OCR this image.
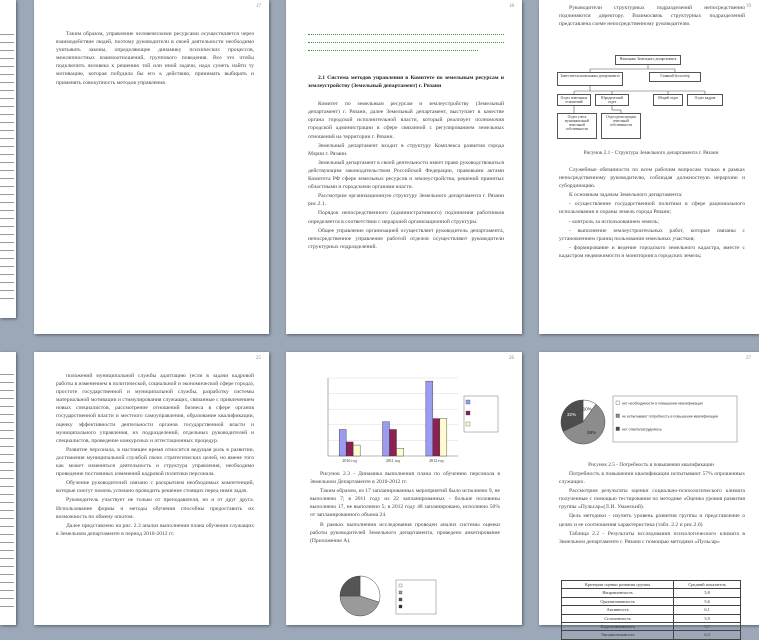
17

Таким образом, управление человеческими ресурсами осуществляется через взаимодействие людей, поэтому руководители в своей деятельности необходимо учитывать законы, определяющие динамику психических процессов, межличностных взаимоотношений, группового поведения. Все это чтобы подключить человека к решению той или иной задачи, надо суметь найти ту мотивацию, которая побудила бы его к действию, принимать выбирать и применять совокупность методов управления.

18

2.1 Система методов управления в Комитете по земельным ресурсам и землеустройству (Земельный департамент) г. Рязани

Комитет по земельным ресурсам и землеустройству (Земельный департамент) г. Рязани, далее Земельный департамент, выступает в качестве органа городской исполнительной власти, который реализует полномочия городской администрации в сфере связанной с регулированием земельных отношений на территории г. Рязани.

Земельный департамент входит в структуру Комплекса развития города Мэрии г. Рязани.

Земельный департамент в своей деятельности имеет право руководствоваться действующим законодательством Российской Федерации, правовыми актами Комитета РФ сфере земельных ресурсов и землеустройства, решений принятых областными и городскими органами власти.

Рассмотрим организационную структуру Земельного департамента г. Рязани рис.2.1.

Порядок непосредственного (административного) подчинения работников определяется в соответствии с иерархией организационной структуры.

Общее управление организацией осуществляет руководитель департамента, непосредственное управление работой отделов осуществляют руководители структурных подразделений.

19

Руководители структурных подразделений непосредственно подчиняются директору. Взаимосвязь структурных подразделений представлена схеме непосредственному руководителю.

Начальник Земельного департамента
Заместитель начальника департамента	Главный бухгалтер
Отдел земельных отношений
Юридический отдел
Общий отдел	Отдел кадров
Отдел учета муниципальной земельной собственности
Отдел регистрации земельной собственности
Рисунок 2.1 - Структура Земельного департамента г. Рязани

Служебные обязанности по всем рабочим вопросам только в рамках непосредственному руководителю, соблюдая должностную иерархию и субординацию.

К основным задачам Земельного департамента:

- осуществление государственной политики в сфере рационального использования и охраны земель города Рязани;

- контроль за использованием земель;

- выполнение землеустроительных работ, которые связаны с установлением границ пользования земельных участков;

- формирование и ведение городского земельного кадастра, вместе с кадастром недвижимости и мониторинга городских земель;

25

положений муниципальной службы адаптацию (если в задачи кадровой работы в изменением в политической, социальной и экономической сфере города), простоте государственной и муниципальной службы, разработку системы материальной мотивации и стимулирования служащих, связанные с привлечением новых специалистов, рассмотрение отношений бизнеса в сфере органов государственной власти и местного самоуправления, образование квалификации, оценку эффективности деятельности органов государственной власти и муниципального управления, их подразделений, отдельных руководителей и специалистов, проведение конкурсных и аттестационных процедур.

Развитие персонала, в настоящее время относится ведущая роль в развитии, достижения муниципальной службой своих стратегических целей, но вмене того как может изменяться деятельность и структура управления, необходимо проведение постоянных изменений кадровой политики персонала.

Обучение руководителей связано с раскрытием необходимых компетенций, которые смогут помочь успешно проводить решение стоящих перед ними задач.

Руководитель участвует не только от преподавателя, но и от друг друга. Использование формы и методы обучения способны предоставить их возможность по обмену опытом.

Далее представлено на рис. 2.3 анализ выполнения плана обучения служащих в Земельном департаменте в период 2010-2012 гг.

26
2010 год	2011 год	2012 год

Рисунок 2.3 - Динамика выполнения плана по обучению персонала в Земельном Департаменте в 2010-2012 гг.

Таким образом, из 17 запланированных мероприятий было исполнено 9, не выполнено 7; в 2011 году из 22 запланированных - больше половины выполнено 17, не выполнено 5; в 2012 году 48 запланировано, исполнено 50% от запланированного объема 24.

В рамках выполнения исследования проведен анализ системы оценки работы руководителей Земельного департамента, проведено анкетирование (Приложение А).

27
10%
58%
32%
нет необходимости в повышении квалификации
не испытывают потребность в повышении квалификации
нет ответа/затрудняюсь
Рисунок 2.5 - Потребность в повышении квалификации

Потребность в повышении квалификации испытывают 57% опрошенных служащих.

Рассмотрим результаты оценки социально-психологического климата полученные с помощью тестирования по методике «Оценка уровня развития группы «Пульсар»(Л.И. Уманский).

Цель методики - изучить уровень развития группы и представление о целях и ее соотношения характеристика (табл. 2.2 и рис.2.6)

Таблица 2.2 - Результаты исследования психологического климата в Земельном департаменте г. Рязани с помощью методики «Пульсар»

Критерии оценки развития группы	Средний показатель
Направленность	5,8
Организованность	5,6
Активность	6,1
Сплоченность	5,9
Подготовленность	5,7
Эмоциональность	6,3
